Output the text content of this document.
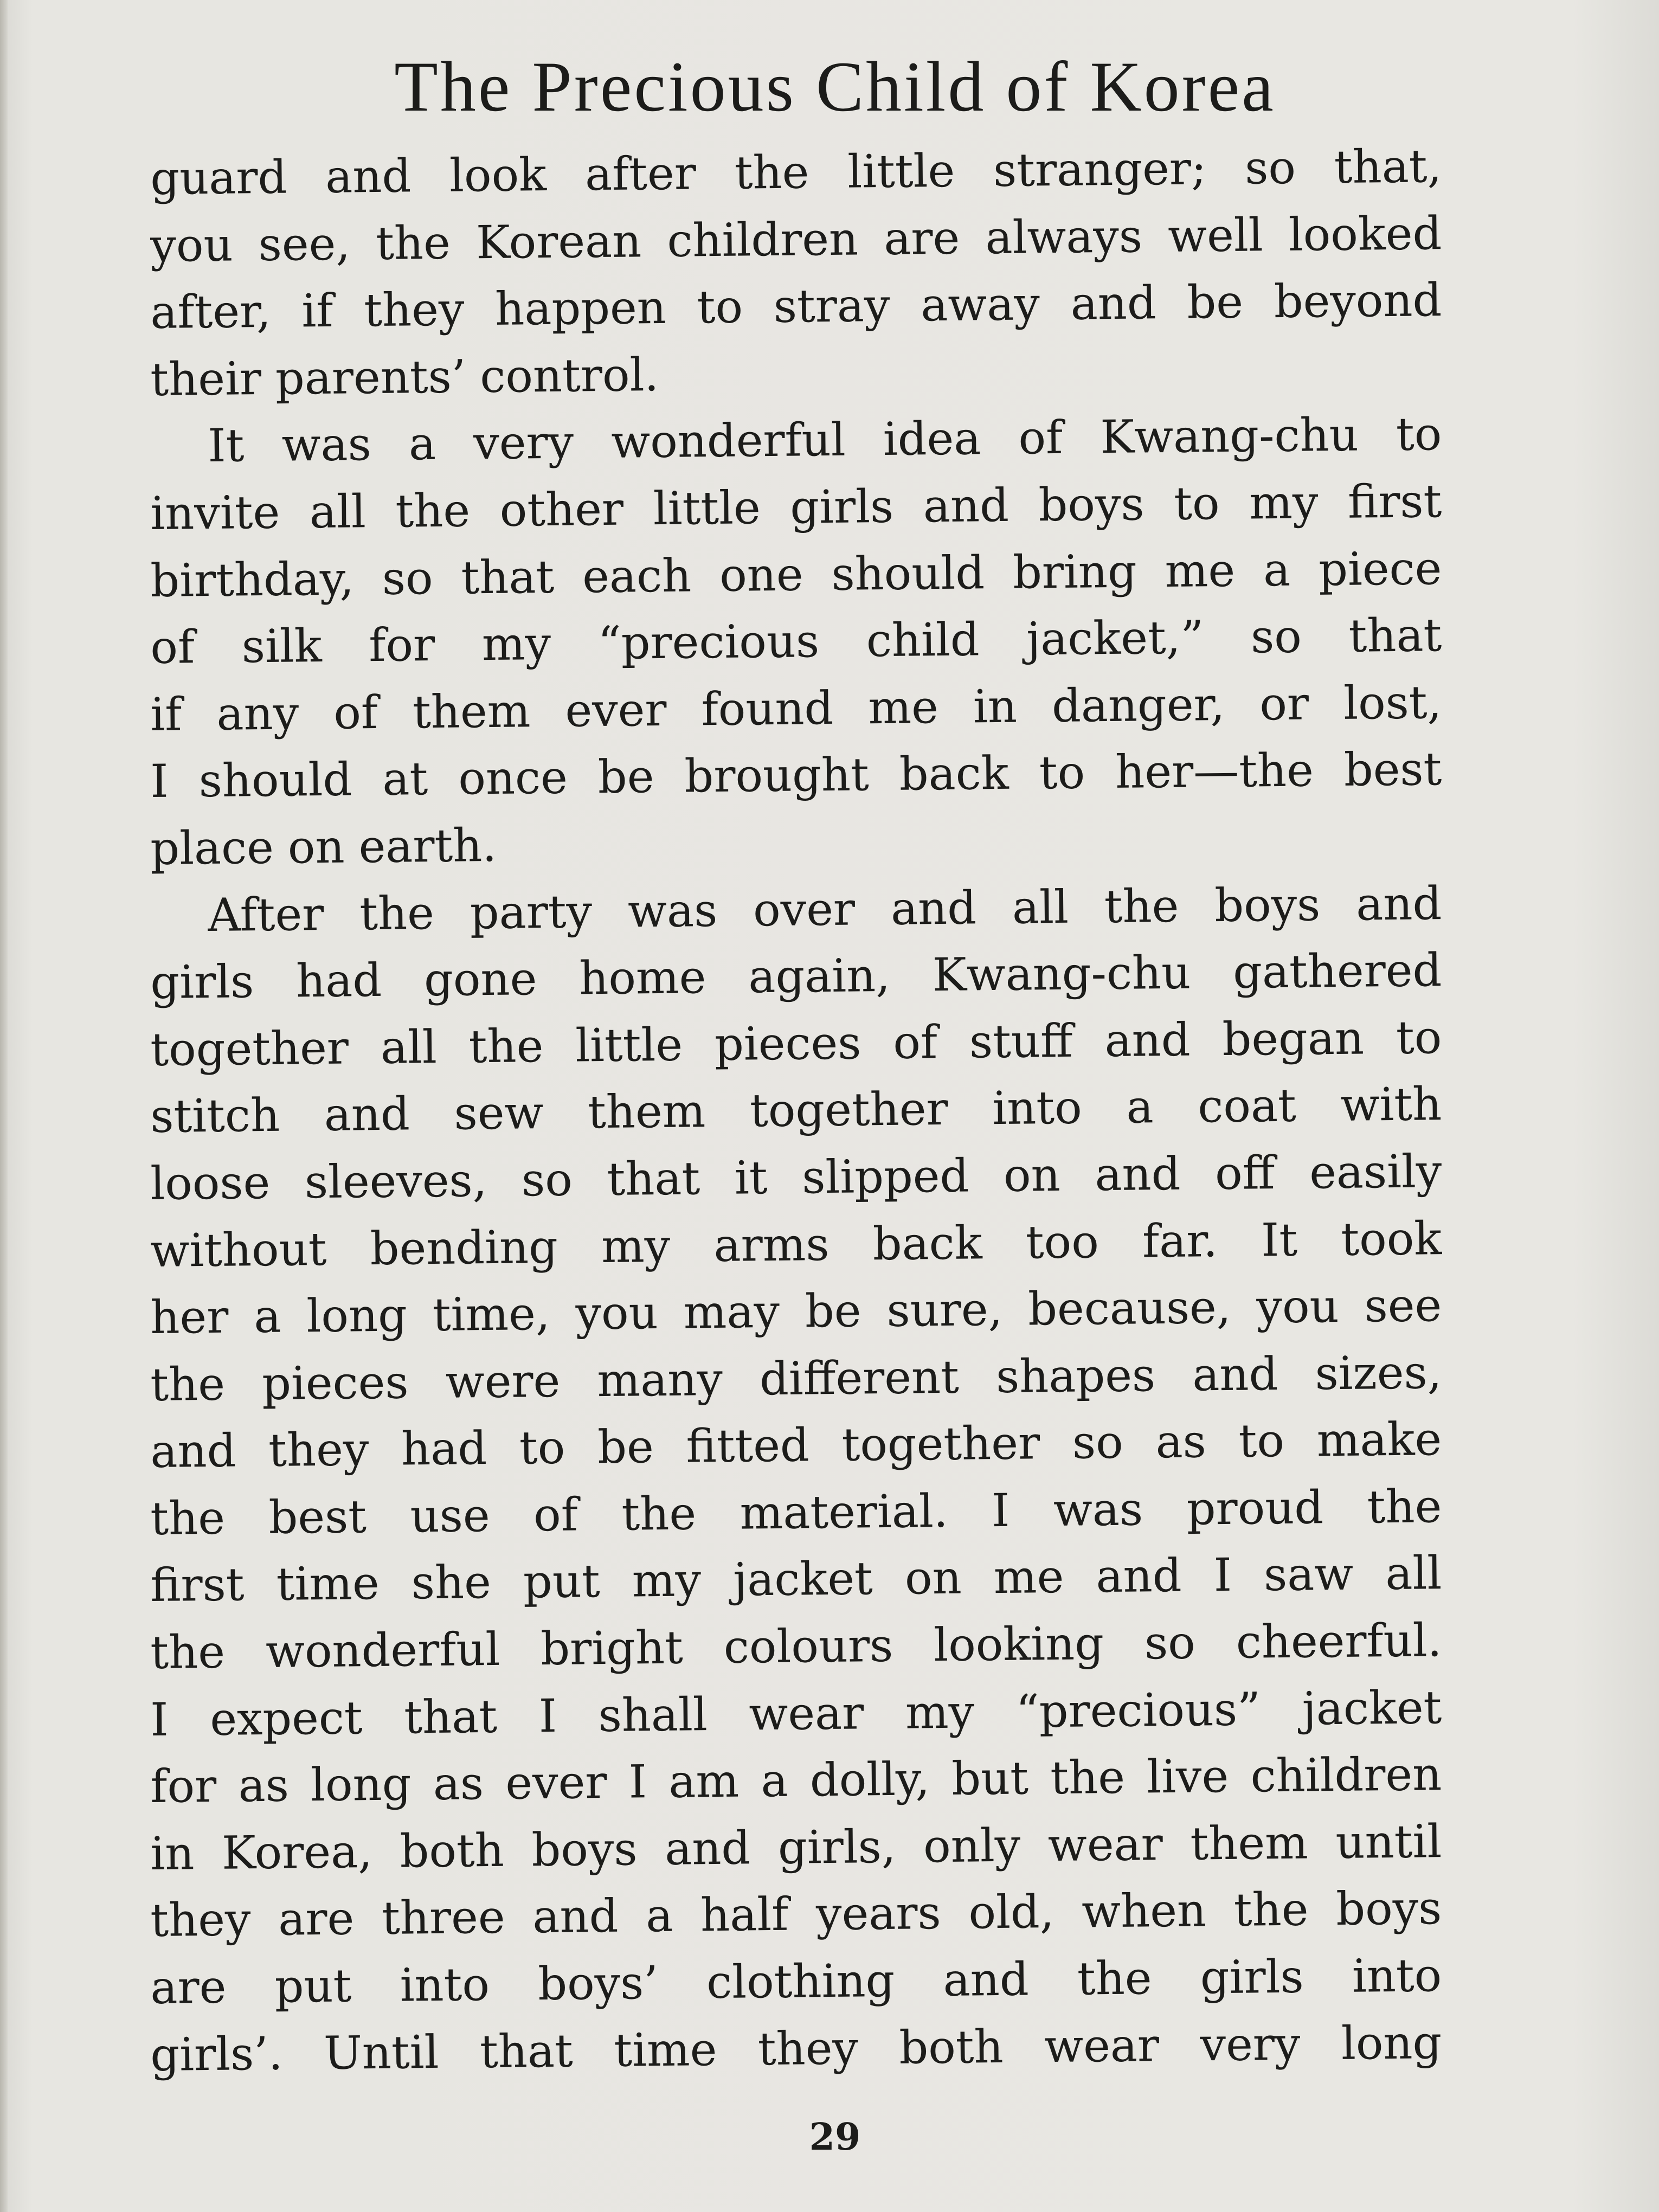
The Precious Child of Korea
guard and look after the little stranger; so that,
you see, the Korean children are always well looked
after, if they happen to stray away and be beyond
their parents’ control.
It was a very wonderful idea of Kwang-chu to
invite all the other little girls and boys to my first
birthday, so that each one should bring me a piece
of silk for my “precious child jacket,” so that
if any of them ever found me in danger, or lost,
I should at once be brought back to her—the best
place on earth.
After the party was over and all the boys and
girls had gone home again, Kwang-chu gathered
together all the little pieces of stuff and began to
stitch and sew them together into a coat with
loose sleeves, so that it slipped on and off easily
without bending my arms back too far. It took
her a long time, you may be sure, because, you see
the pieces were many different shapes and sizes,
and they had to be fitted together so as to make
the best use of the material. I was proud the
first time she put my jacket on me and I saw all
the wonderful bright colours looking so cheerful.
I expect that I shall wear my “precious” jacket
for as long as ever I am a dolly, but the live children
in Korea, both boys and girls, only wear them until
they are three and a half years old, when the boys
are put into boys’ clothing and the girls into
girls’. Until that time they both wear very long
29
